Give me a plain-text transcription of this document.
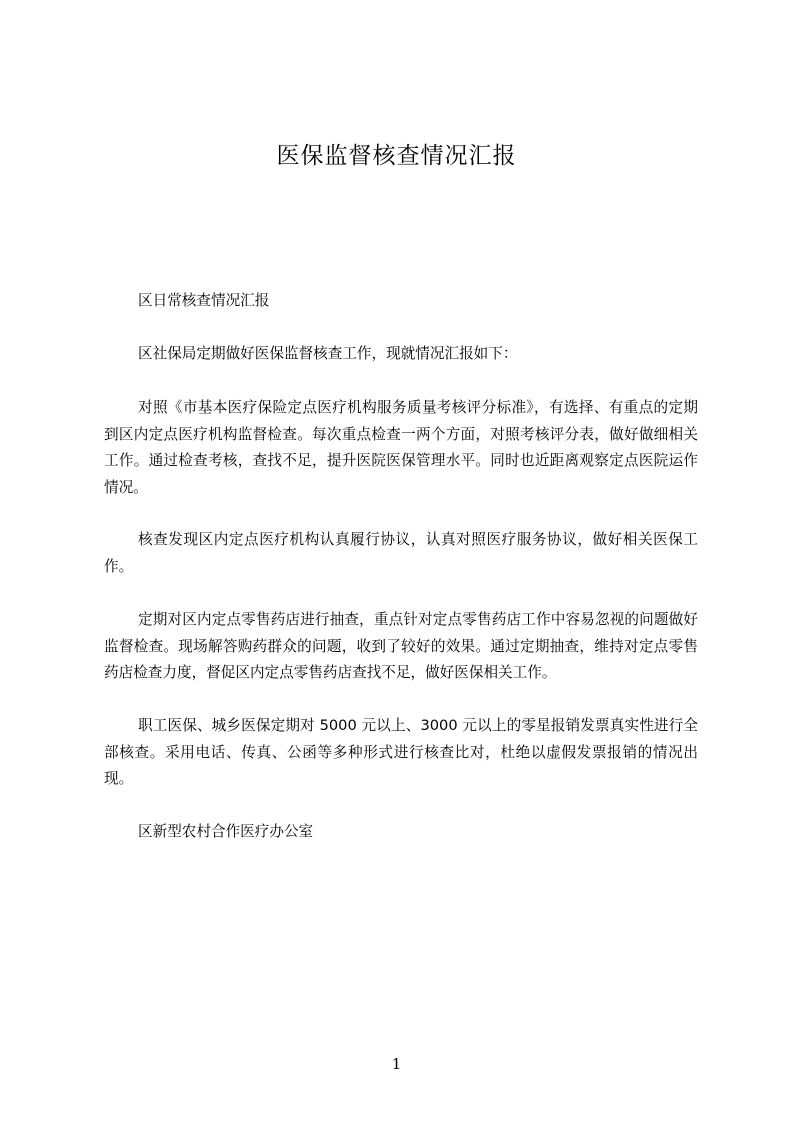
医保监督核查情况汇报

区日常核查情况汇报

区社保局定期做好医保监督核查工作，现就情况汇报如下：

对照《市基本医疗保险定点医疗机构服务质量考核评分标准》，有选择、有重点的定期到区内定点医疗机构监督检查。每次重点检查一两个方面，对照考核评分表，做好做细相关工作。通过检查考核，查找不足，提升医院医保管理水平。同时也近距离观察定点医院运作情况。

核查发现区内定点医疗机构认真履行协议，认真对照医疗服务协议，做好相关医保工作。

定期对区内定点零售药店进行抽查，重点针对定点零售药店工作中容易忽视的问题做好监督检查。现场解答购药群众的问题，收到了较好的效果。通过定期抽查，维持对定点零售药店检查力度，督促区内定点零售药店查找不足，做好医保相关工作。

职工医保、城乡医保定期对 5000 元以上、3000 元以上的零星报销发票真实性进行全部核查。采用电话、传真、公函等多种形式进行核查比对，杜绝以虚假发票报销的情况出现。

区新型农村合作医疗办公室

1
